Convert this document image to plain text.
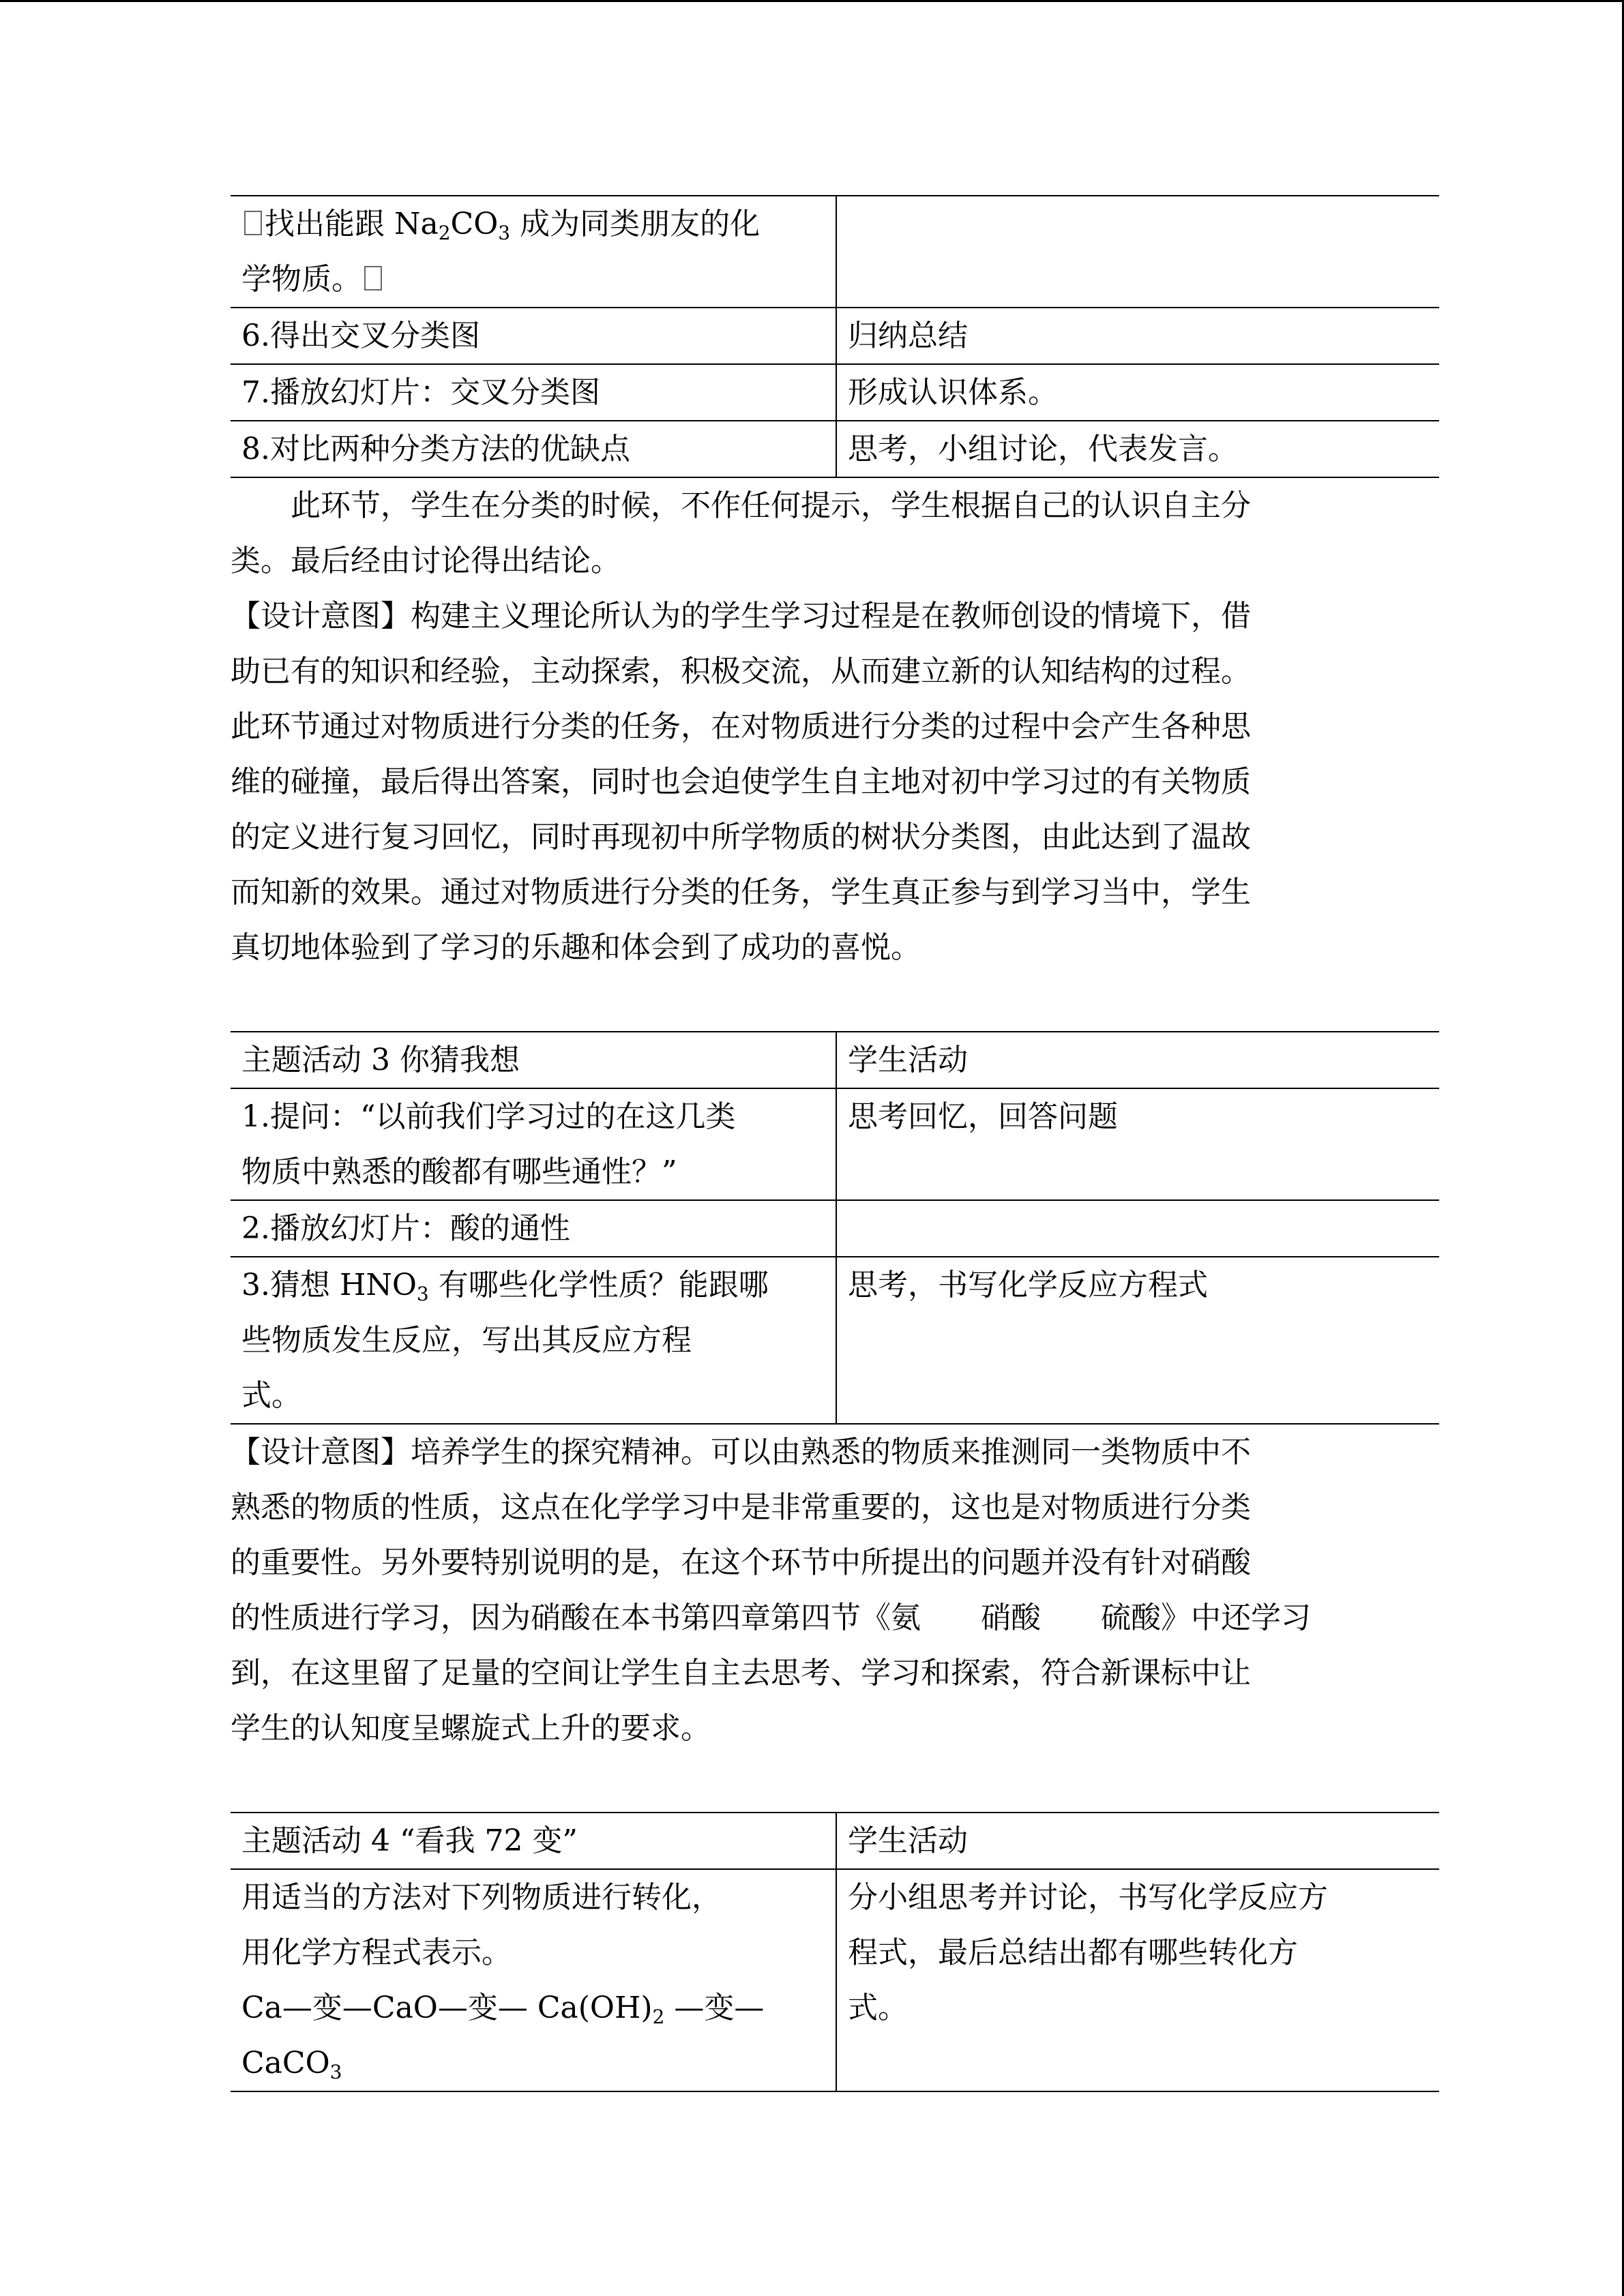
找出能跟 $Na_2CO_3$ 成为同类朋友的化
学物质。	
6.得出交叉分类图	归纳总结
7.播放幻灯片：交叉分类图	形成认识体系。
8.对比两种分类方法的优缺点	思考，小组讨论，代表发言。

此环节，学生在分类的时候，不作任何提示，学生根据自己的认识自主分

类。最后经由讨论得出结论。

【设计意图】构建主义理论所认为的学生学习过程是在教师创设的情境下，借

助已有的知识和经验，主动探索，积极交流，从而建立新的认知结构的过程。

此环节通过对物质进行分类的任务，在对物质进行分类的过程中会产生各种思

维的碰撞，最后得出答案，同时也会迫使学生自主地对初中学习过的有关物质

的定义进行复习回忆，同时再现初中所学物质的树状分类图，由此达到了温故

而知新的效果。通过对物质进行分类的任务，学生真正参与到学习当中，学生

真切地体验到了学习的乐趣和体会到了成功的喜悦。

主题活动 3 你猜我想	学生活动
1.提问：“以前我们学习过的在这几类
物质中熟悉的酸都有哪些通性？”	思考回忆，回答问题
2.播放幻灯片：酸的通性	
3.猜想 $HNO_3$ 有哪些化学性质？能跟哪
些物质发生反应，写出其反应方程
式。	思考，书写化学反应方程式

【设计意图】培养学生的探究精神。可以由熟悉的物质来推测同一类物质中不

熟悉的物质的性质，这点在化学学习中是非常重要的，这也是对物质进行分类

的重要性。另外要特别说明的是，在这个环节中所提出的问题并没有针对硝酸

的性质进行学习，因为硝酸在本书第四章第四节《氨　　硝酸　　硫酸》中还学习

到，在这里留了足量的空间让学生自主去思考、学习和探索，符合新课标中让

学生的认知度呈螺旋式上升的要求。

主题活动 4 “看我 72 变”	学生活动
用适当的方法对下列物质进行转化，
用化学方程式表示。
Ca—变—CaO—变— $Ca(OH)_2$ —变—
CaCO$_3$	分小组思考并讨论，书写化学反应方
程式，最后总结出都有哪些转化方
式。
